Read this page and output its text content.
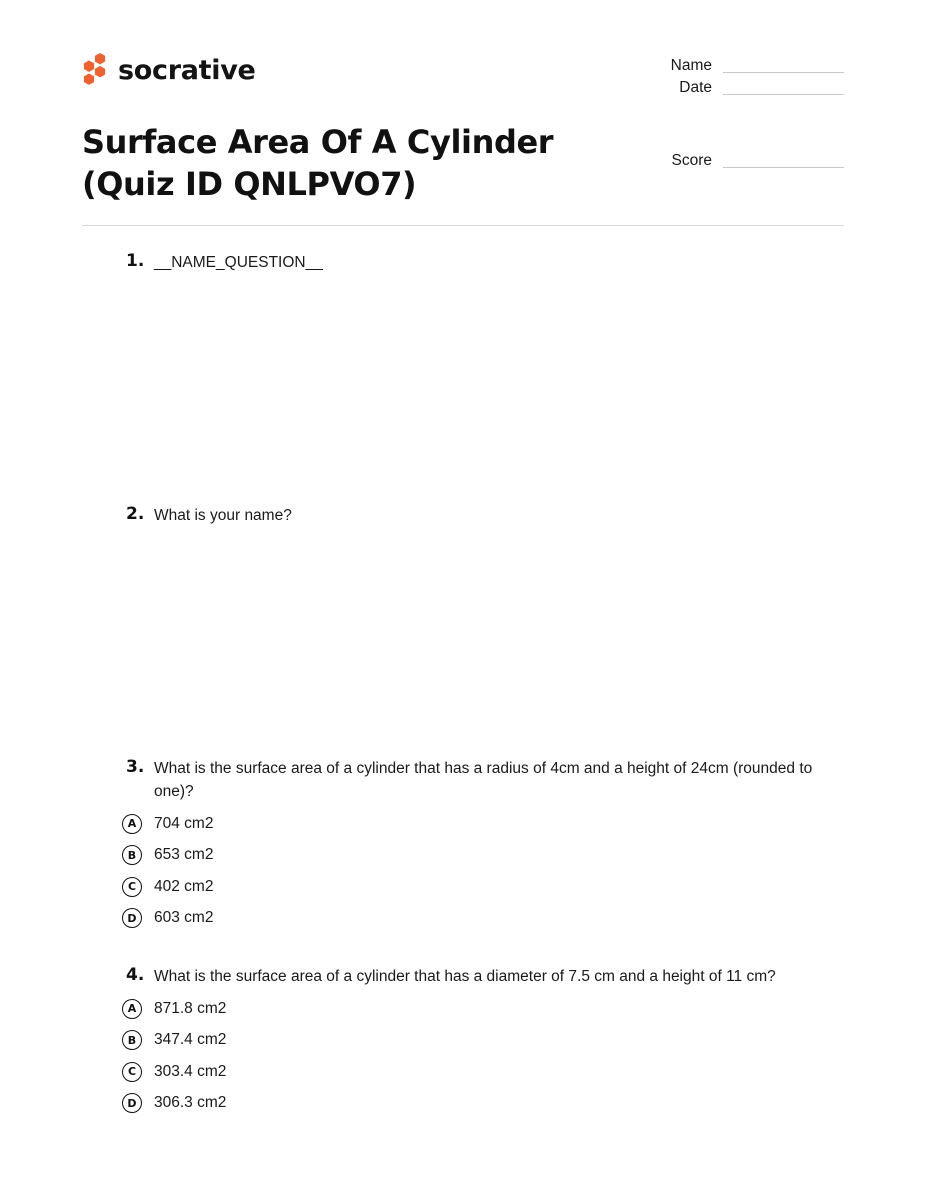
socrative	Name
Date
Score
Surface Area Of A Cylinder (Quiz ID QNLPVO7)
1. __NAME_QUESTION__
2. What is your name?
3. What is the surface area of a cylinder that has a radius of 4cm and a height of 24cm (rounded to one)?
A	704 cm2
B	653 cm2
C	402 cm2
D	603 cm2
4. What is the surface area of a cylinder that has a diameter of 7.5 cm and a height of 11 cm?
A	871.8 cm2
B	347.4 cm2
C	303.4 cm2
D	306.3 cm2
